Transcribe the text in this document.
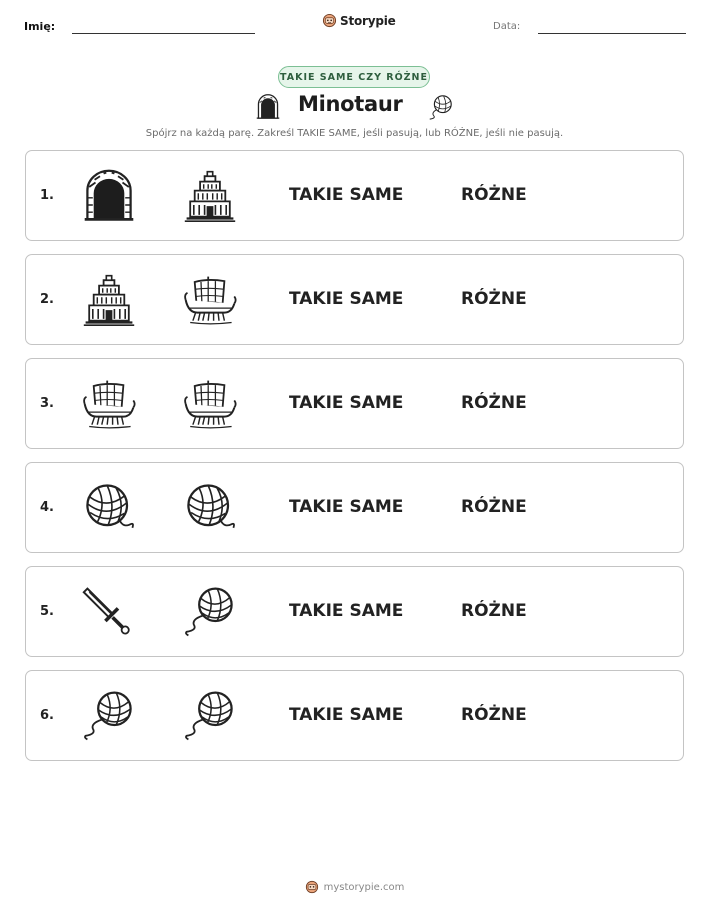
Imię:	Storypie	Data:
TAKIE SAME CZY RÓŻNE
Minotaur
Spójrz na każdą parę. Zakreśl TAKIE SAME, jeśli pasują, lub RÓŻNE, jeśli nie pasują.
1.	TAKIE SAME	RÓŻNE
2.	TAKIE SAME	RÓŻNE
3.	TAKIE SAME	RÓŻNE
4.	TAKIE SAME	RÓŻNE
5.	TAKIE SAME	RÓŻNE
6.	TAKIE SAME	RÓŻNE
mystorypie.com
